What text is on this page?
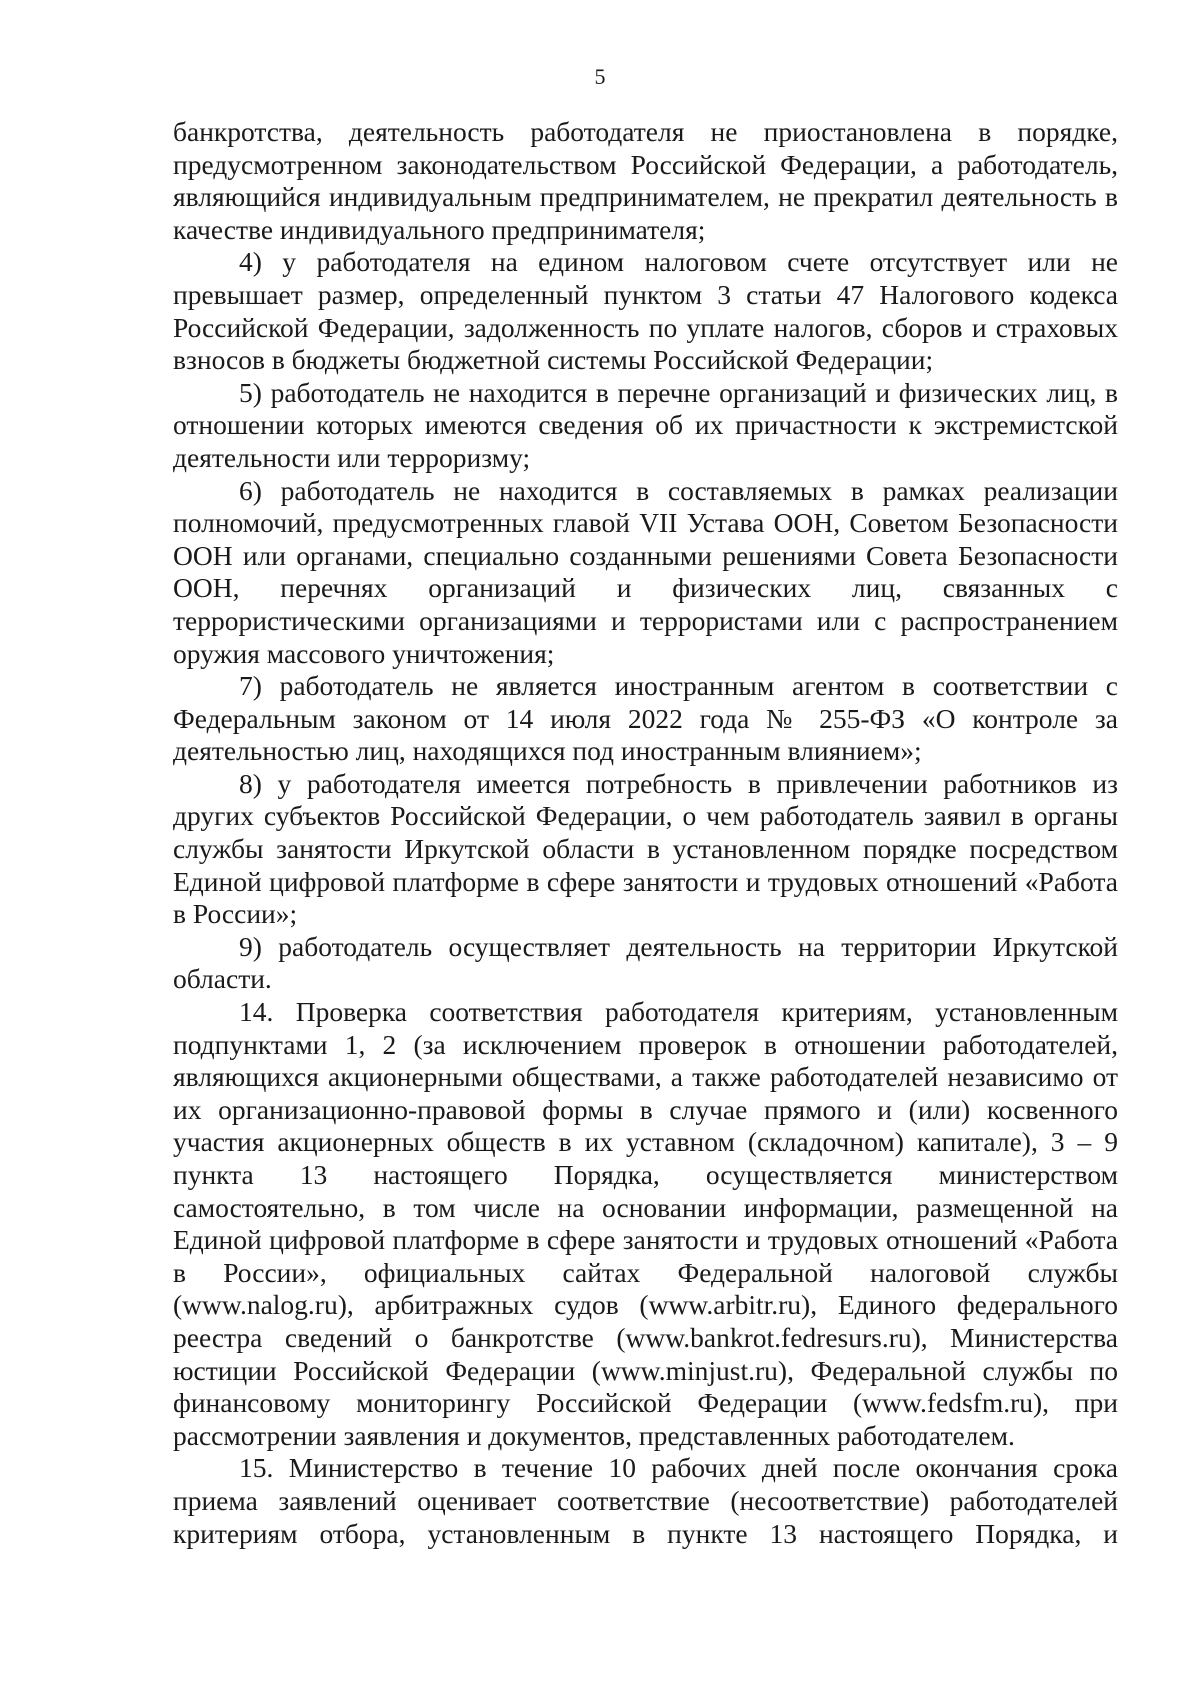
5

банкротства, деятельность работодателя не приостановлена в порядке, предусмотренном законодательством Российской Федерации, а работодатель, являющийся индивидуальным предпринимателем, не прекратил деятельность в качестве индивидуального предпринимателя;

4) у работодателя на едином налоговом счете отсутствует или не превышает размер, определенный пунктом 3 статьи 47 Налогового кодекса Российской Федерации, задолженность по уплате налогов, сборов и страховых взносов в бюджеты бюджетной системы Российской Федерации;

5) работодатель не находится в перечне организаций и физических лиц, в отношении которых имеются сведения об их причастности к экстремистской деятельности или терроризму;

6) работодатель не находится в составляемых в рамках реализации полномочий, предусмотренных главой VII Устава ООН, Советом Безопасности ООН или органами, специально созданными решениями Совета Безопасности ООН, перечнях организаций и физических лиц, связанных с террористическими организациями и террористами или с распространением оружия массового уничтожения;

7) работодатель не является иностранным агентом в соответствии с Федеральным законом от 14 июля 2022 года № 255-ФЗ «О контроле за деятельностью лиц, находящихся под иностранным влиянием»;

8) у работодателя имеется потребность в привлечении работников из других субъектов Российской Федерации, о чем работодатель заявил в органы службы занятости Иркутской области в установленном порядке посредством Единой цифровой платформе в сфере занятости и трудовых отношений «Работа в России»;

9) работодатель осуществляет деятельность на территории Иркутской области.

14. Проверка соответствия работодателя критериям, установленным подпунктами 1, 2 (за исключением проверок в отношении работодателей, являющихся акционерными обществами, а также работодателей независимо от их организационно-правовой формы в случае прямого и (или) косвенного участия акционерных обществ в их уставном (складочном) капитале), 3 – 9 пункта 13 настоящего Порядка, осуществляется министерством самостоятельно, в том числе на основании информации, размещенной на Единой цифровой платформе в сфере занятости и трудовых отношений «Работа в России», официальных сайтах Федеральной налоговой службы (www.nalog.ru), арбитражных судов (www.arbitr.ru), Единого федерального реестра сведений о банкротстве (www.bankrot.fedresurs.ru), Министерства юстиции Российской Федерации (www.minjust.ru), Федеральной службы по финансовому мониторингу Российской Федерации (www.fedsfm.ru), при рассмотрении заявления и документов, представленных работодателем.

15. Министерство в течение 10 рабочих дней после окончания срока приема заявлений оценивает соответствие (несоответствие) работодателей критериям отбора, установленным в пункте 13 настоящего Порядка, и
